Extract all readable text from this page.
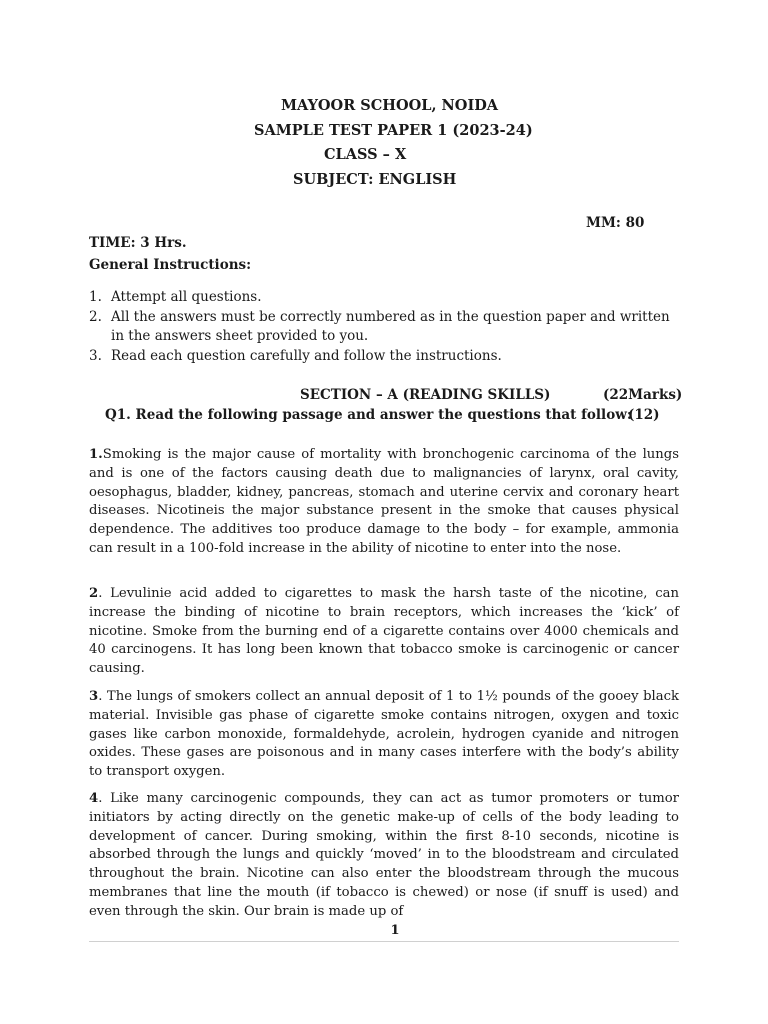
MAYOOR SCHOOL, NOIDA
SAMPLE TEST PAPER 1 (2023-24)
CLASS – X
SUBJECT: ENGLISH
MM: 80
TIME: 3 Hrs.
General Instructions:
1. Attempt all questions.
2. All the answers must be correctly numbered as in the question paper and written in the answers sheet provided to you.
3. Read each question carefully and follow the instructions.
SECTION – A (READING SKILLS)	(22Marks)
Q1. Read the following passage and answer the questions that follow:
(12)

1.Smoking is the major cause of mortality with bronchogenic carcinoma of the lungs and is one of the factors causing death due to malignancies of larynx, oral cavity, oesophagus, bladder, kidney, pancreas, stomach and uterine cervix and coronary heart diseases. Nicotineis the major substance present in the smoke that causes physical dependence. The additives too produce damage to the body – for example, ammonia can result in a 100-fold increase in the ability of nicotine to enter into the nose.

2. Levulinie acid added to cigarettes to mask the harsh taste of the nicotine, can increase the binding of nicotine to brain receptors, which increases the ‘kick’ of nicotine. Smoke from the burning end of a cigarette contains over 4000 chemicals and 40 carcinogens. It has long been known that tobacco smoke is carcinogenic or cancer causing.

3. The lungs of smokers collect an annual deposit of 1 to 1½ pounds of the gooey black material. Invisible gas phase of cigarette smoke contains nitrogen, oxygen and toxic gases like carbon monoxide, formaldehyde, acrolein, hydrogen cyanide and nitrogen oxides. These gases are poisonous and in many cases interfere with the body’s ability to transport oxygen.

4. Like many carcinogenic compounds, they can act as tumor promoters or tumor initiators by acting directly on the genetic make-up of cells of the body leading to development of cancer. During smoking, within the first 8-10 seconds, nicotine is absorbed through the lungs and quickly ‘moved’ in to the bloodstream and circulated throughout the brain. Nicotine can also enter the bloodstream through the mucous membranes that line the mouth (if tobacco is chewed) or nose (if snuff is used) and even through the skin. Our brain is made up of

1
